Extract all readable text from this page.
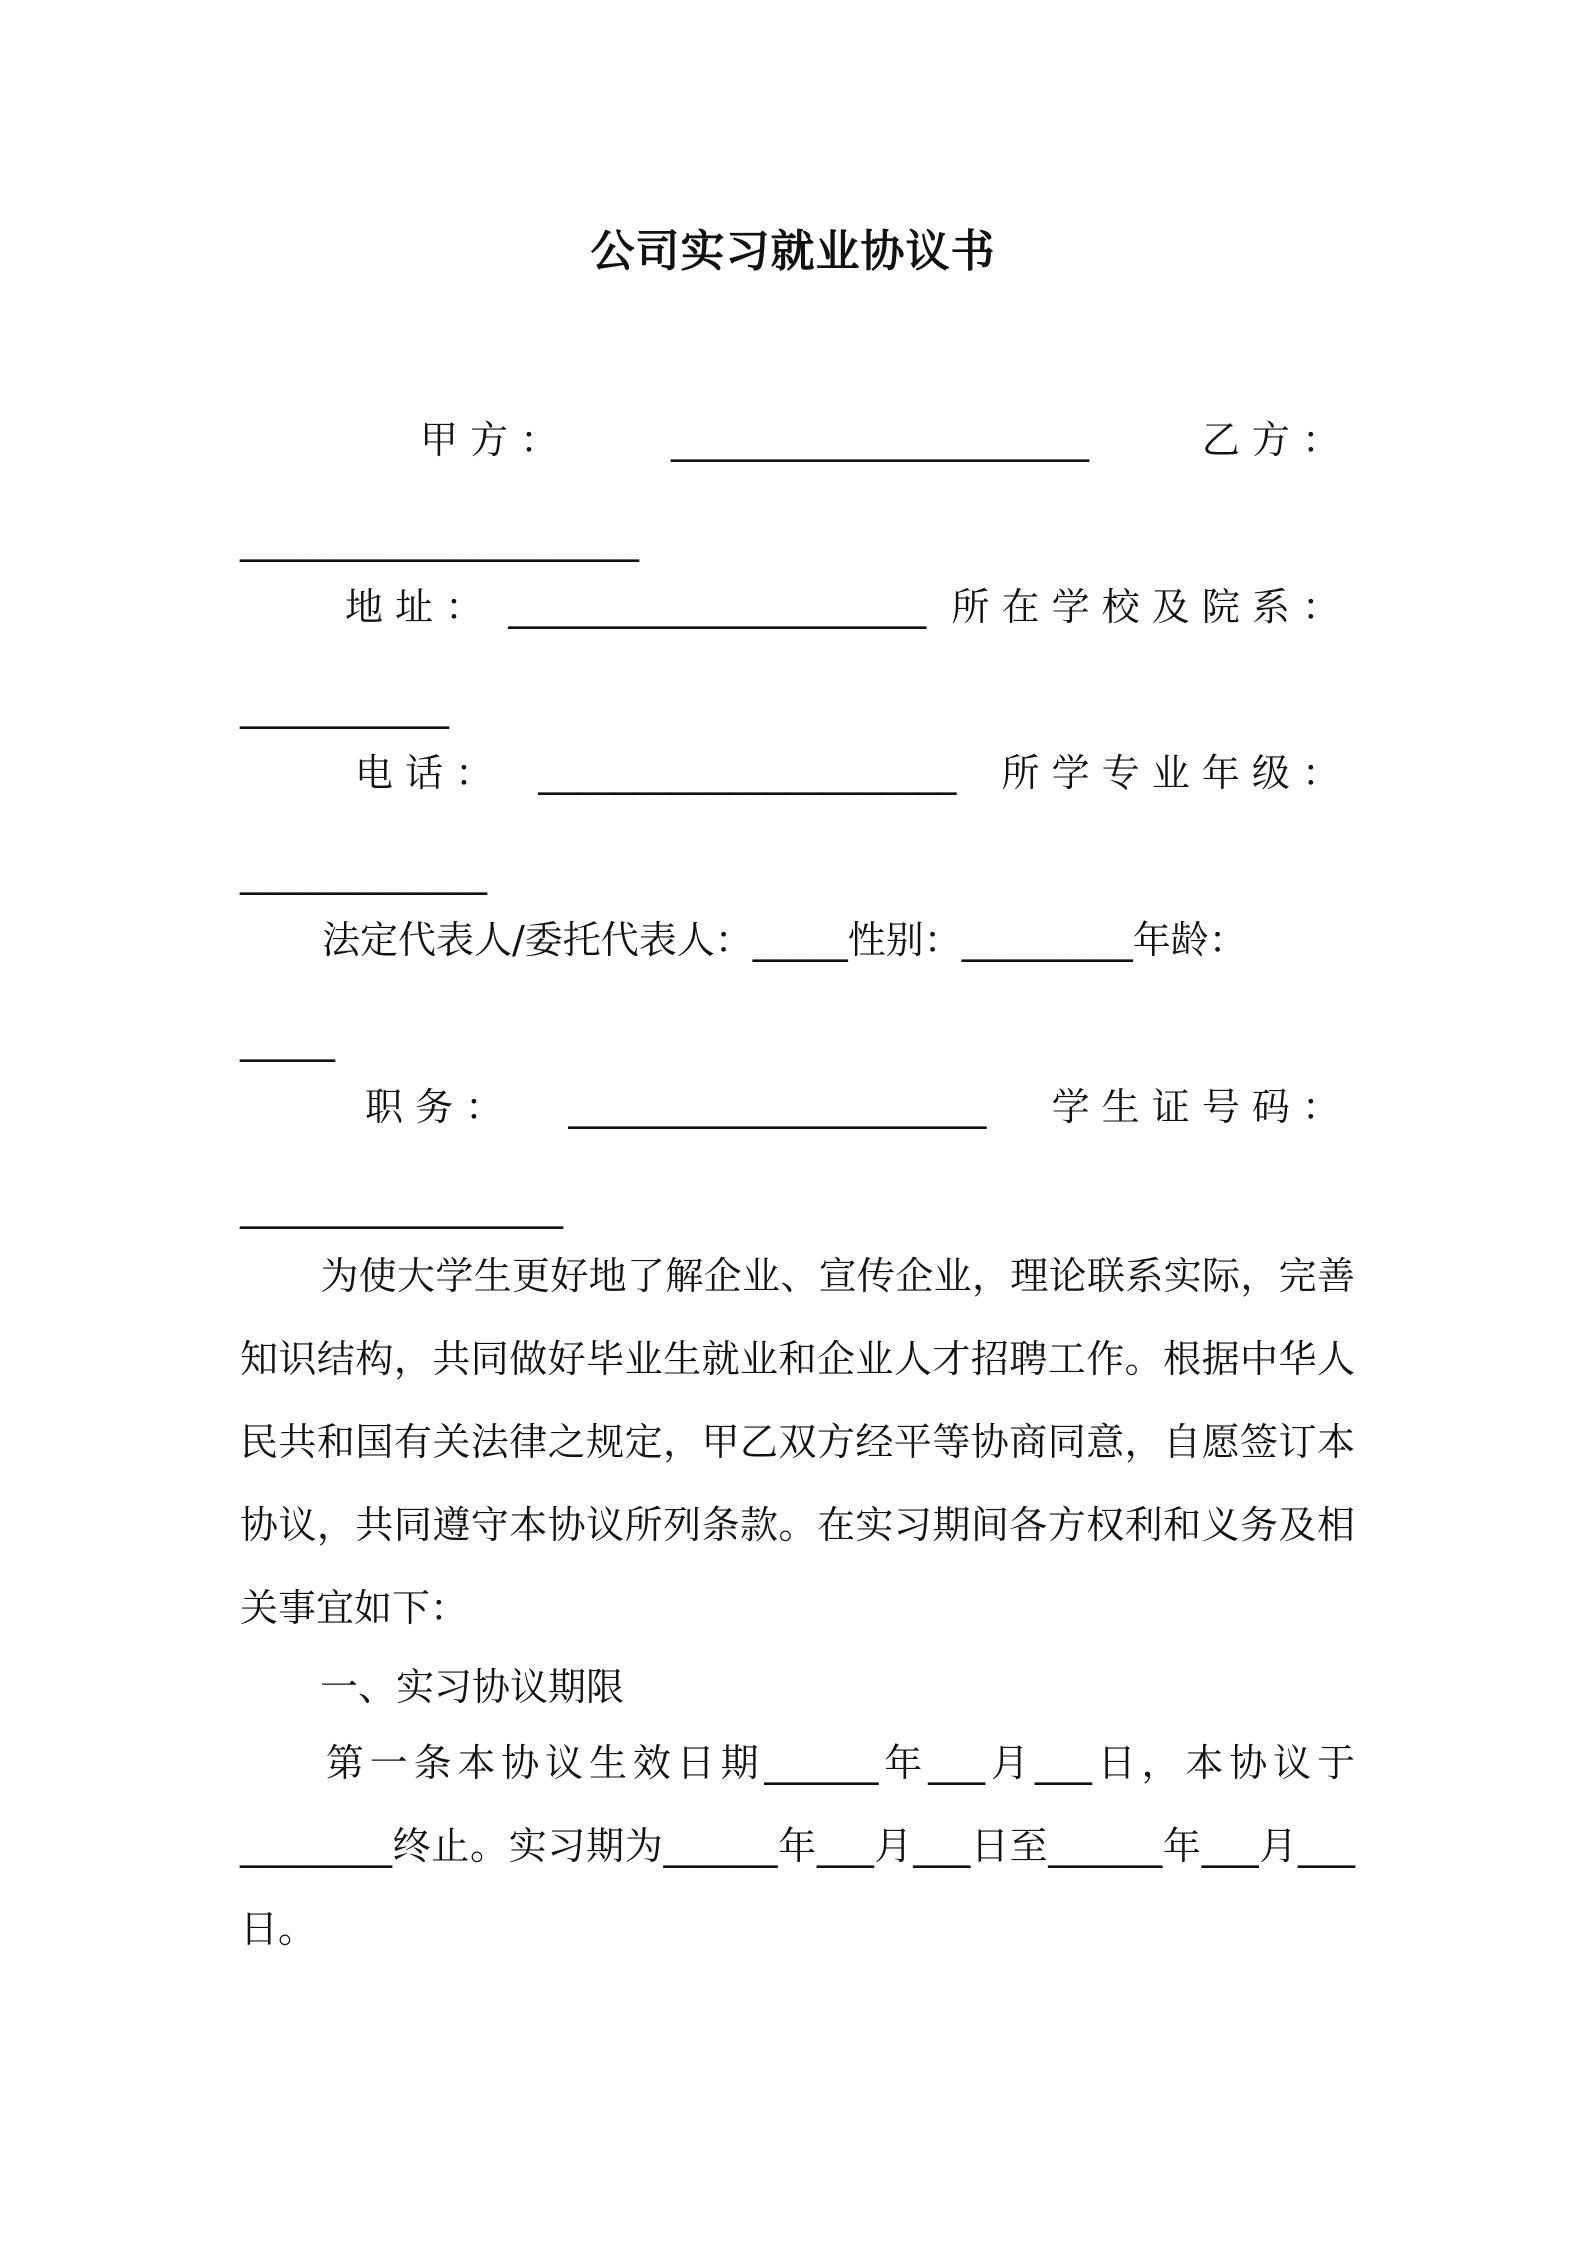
公司实习就业协议书
甲 方 ：	______________________	乙 方 ：
_____________________
地 址 ： ______________________ 所 在 学 校 及 院 系 ：
___________
电 话 ： ______________________ 所 学 专 业 年 级 ：
_____________
法定代表人/委托代表人：_____性别：_________年龄：
_____
职 务 ： ______________________ 学 生 证 号 码 ：
_________________
为使大学生更好地了解企业、宣传企业，理论联系实际，完善知识结构，共同做好毕业生就业和企业人才招聘工作。根据中华人民共和国有关法律之规定，甲乙双方经平等协商同意，自愿签订本协议，共同遵守本协议所列条款。在实习期间各方权利和义务及相关事宜如下：
一、实习协议期限
第一条本协议生效日期______年___月___日，本协议于________终止。实习期为______年___月___日至______年___月___日。
